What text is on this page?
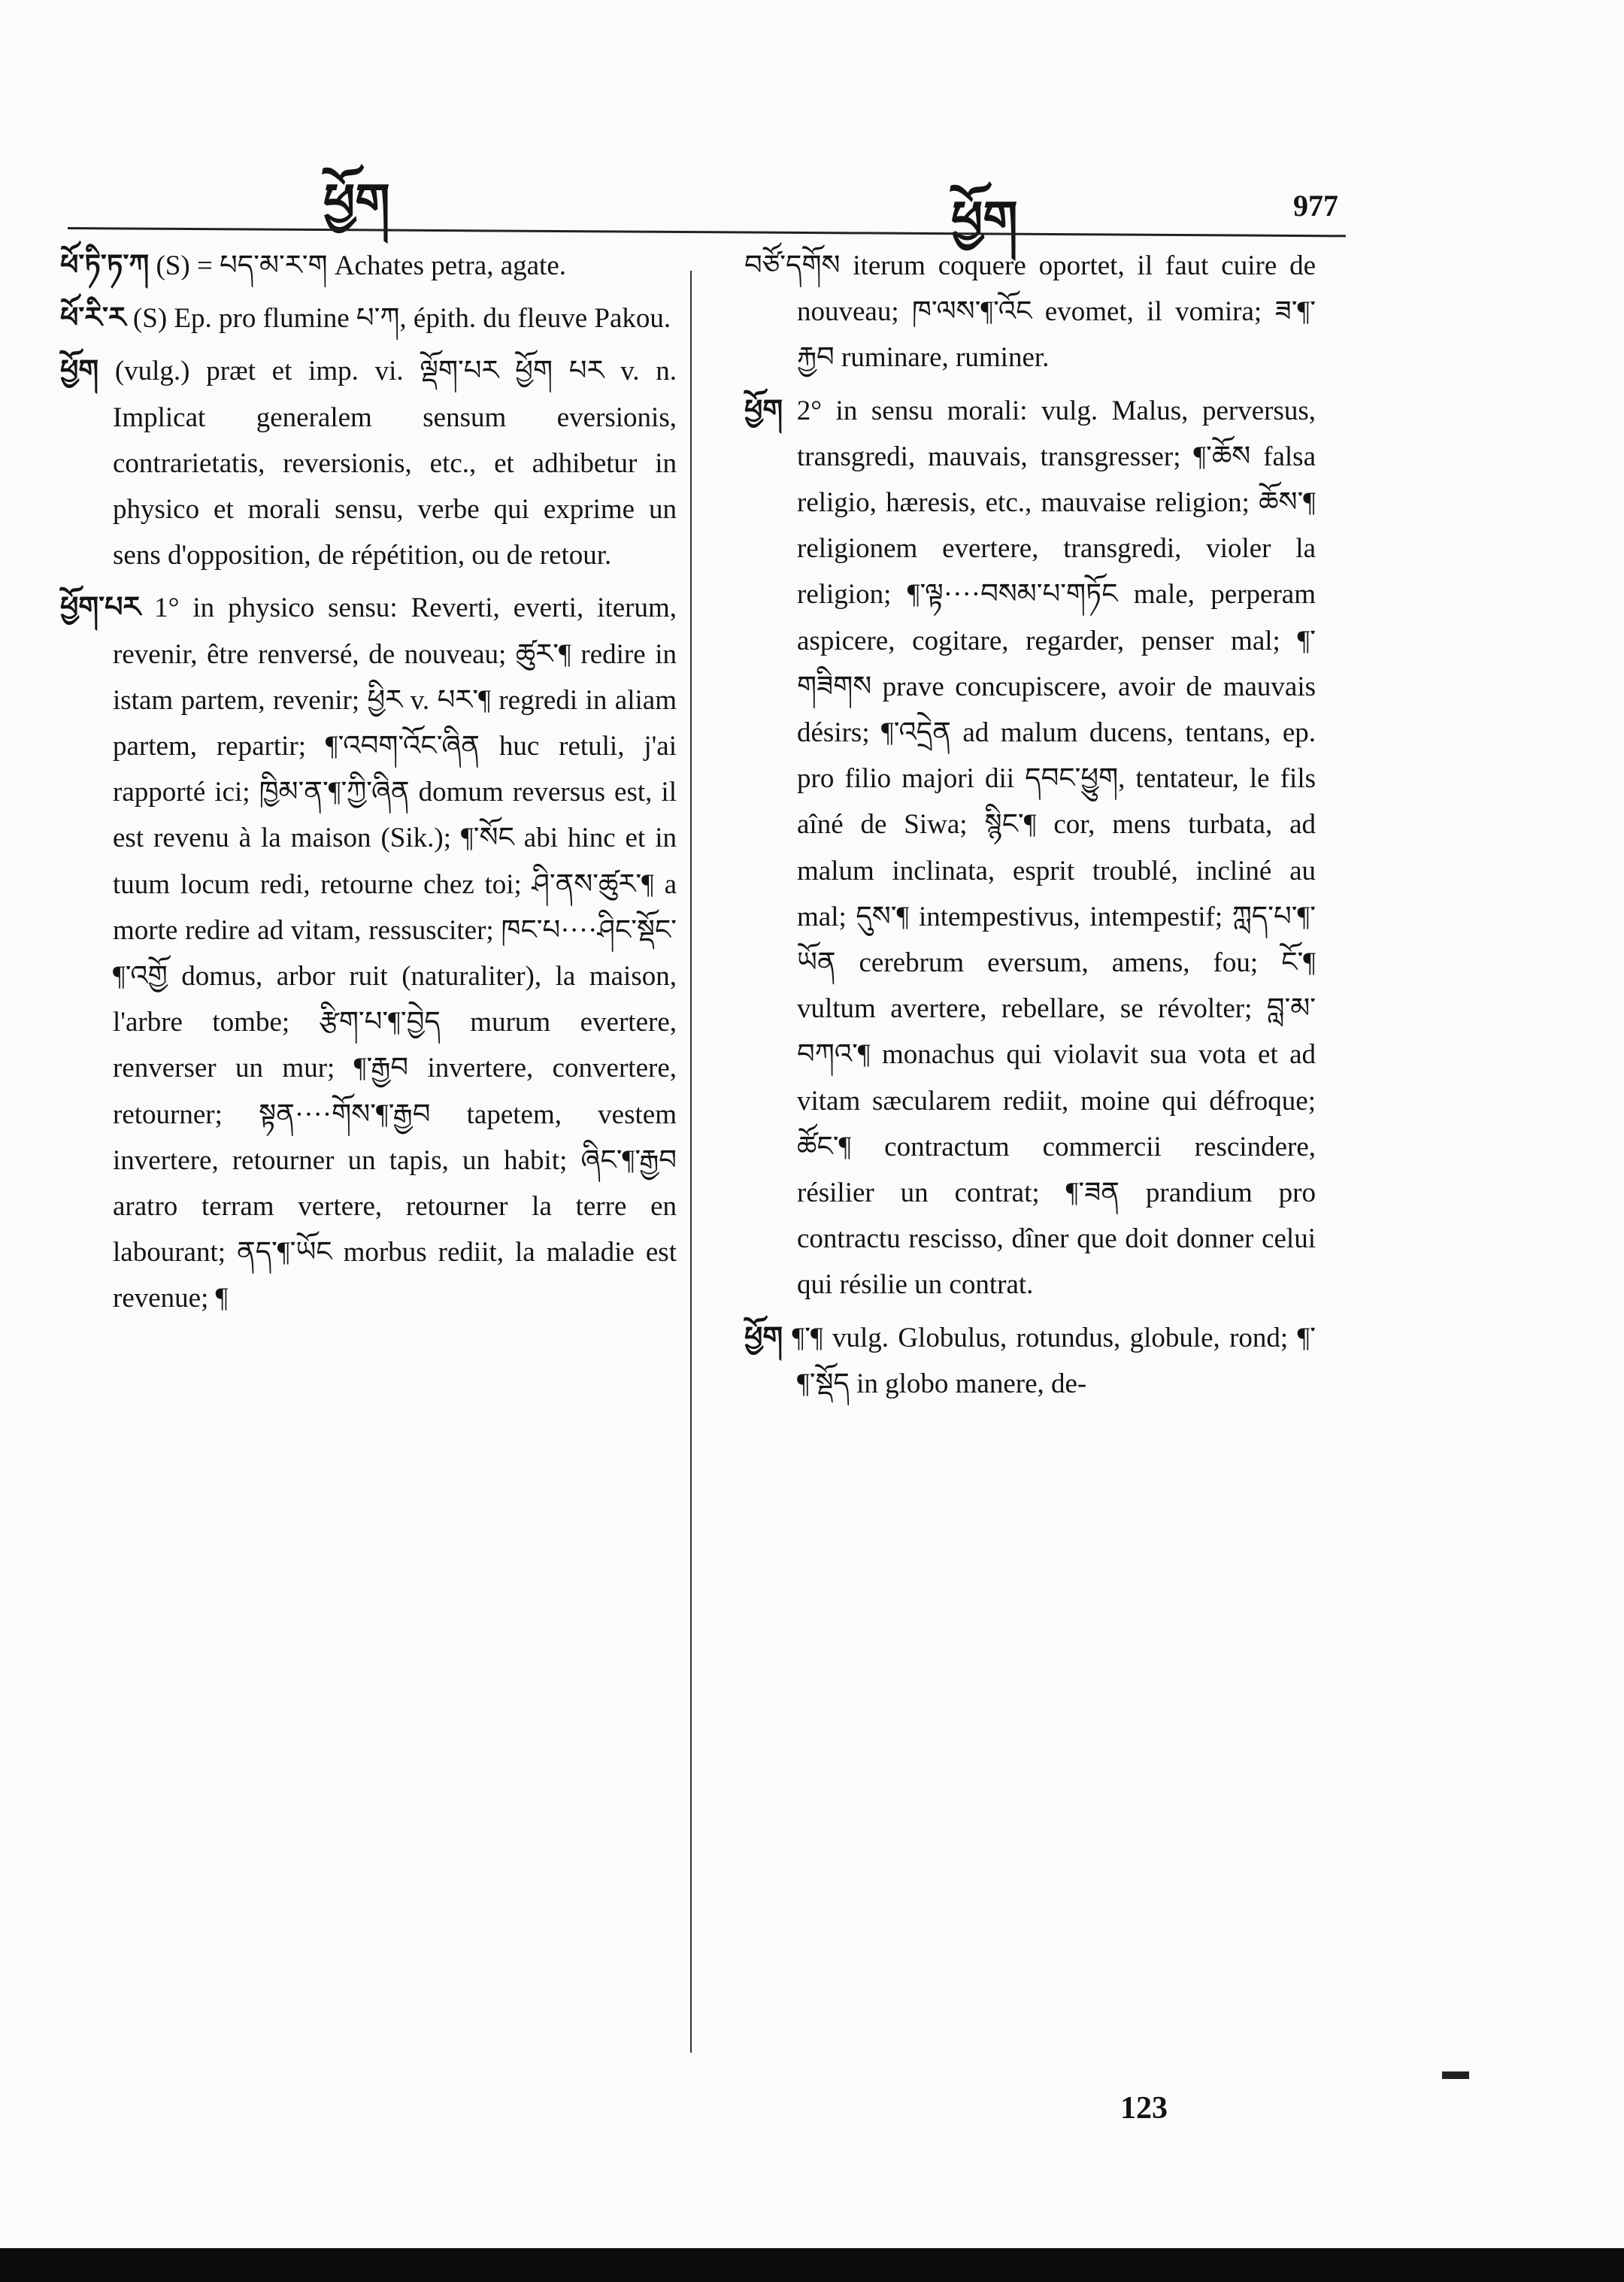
ཕྱོག	ཕྱོག	977
ཕོ་ཏི་ཏ་ཀ (S) = པད་མ་ར་ག Achates petra, agate.
ཕོ་རི་ར (S) Ep. pro flumine པ་ཀ, épith. du fleuve Pakou.
ཕྱོག (vulg.) præt et imp. vi. ལྡོག་པར ཕྱོག པར v. n. Implicat generalem sensum eversionis, contrarietatis, reversionis, etc., et adhibetur in physico et morali sensu, verbe qui exprime un sens d'opposition, de répétition, ou de retour.
ཕྱོག་པར 1° in physico sensu: Reverti, everti, iterum, revenir, être renversé, de nouveau; ཚུར་¶ redire in istam partem, revenir; ཕྱིར v. པར་¶ regredi in aliam partem, repartir; ¶་འབག་འོང་ཞིན huc retuli, j'ai rapporté ici; ཁྱིམ་ན་¶་ཀྱི་ཞིན domum reversus est, il est revenu à la maison (Sik.); ¶་སོང abi hinc et in tuum locum redi, retourne chez toi; ཤི་ནས་ཚུར་¶ a morte redire ad vitam, ressusciter; ཁང་པ····ཤིང་སྡོང་¶་འགྱོ domus, arbor ruit (naturaliter), la maison, l'arbre tombe; རྩིག་པ་¶་བྱེད murum evertere, renverser un mur; ¶་རྒྱབ invertere, convertere, retourner; སྟན····གོས་¶་རྒྱབ tapetem, vestem invertere, retourner un tapis, un habit; ཞིང་¶་རྒྱབ aratro terram vertere, retourner la terre en labourant; ནད་¶་ཡོང morbus rediit, la maladie est revenue; ¶
བཙོ་དགོས iterum coquere oportet, il faut cuire de nouveau; ཁ་ལས་¶་འོང evomet, il vomira; ཟ་¶་རྐྱབ ruminare, ruminer.
ཕྱོག 2° in sensu morali: vulg. Malus, perversus, transgredi, mauvais, transgresser; ¶་ཆོས falsa religio, hæresis, etc., mauvaise religion; ཆོས་¶ religionem evertere, transgredi, violer la religion; ¶་ལྟ····བསམ་པ་གཏོང male, perperam aspicere, cogitare, regarder, penser mal; ¶་གཟིགས prave concupiscere, avoir de mauvais désirs; ¶་འདྲེན ad malum ducens, tentans, ep. pro filio majori dii དབང་ཕྱུག, tentateur, le fils aîné de Siwa; སྙིང་¶ cor, mens turbata, ad malum inclinata, esprit troublé, incliné au mal; དུས་¶ intempestivus, intempestif; ཀླད་པ་¶་ཡོན cerebrum eversum, amens, fou; ངོ་¶ vultum avertere, rebellare, se révolter; བླ་མ་བཀའ་¶ monachus qui violavit sua vota et ad vitam sæcularem rediit, moine qui défroque; ཚོང་¶ contractum commercii rescindere, résilier un contrat; ¶་ཟན prandium pro contractu rescisso, dîner que doit donner celui qui résilie un contrat.
ཕྱོག ¶་¶ vulg. Globulus, rotundus, globule, rond; ¶་¶་སྡོད in globo manere, de-
123
